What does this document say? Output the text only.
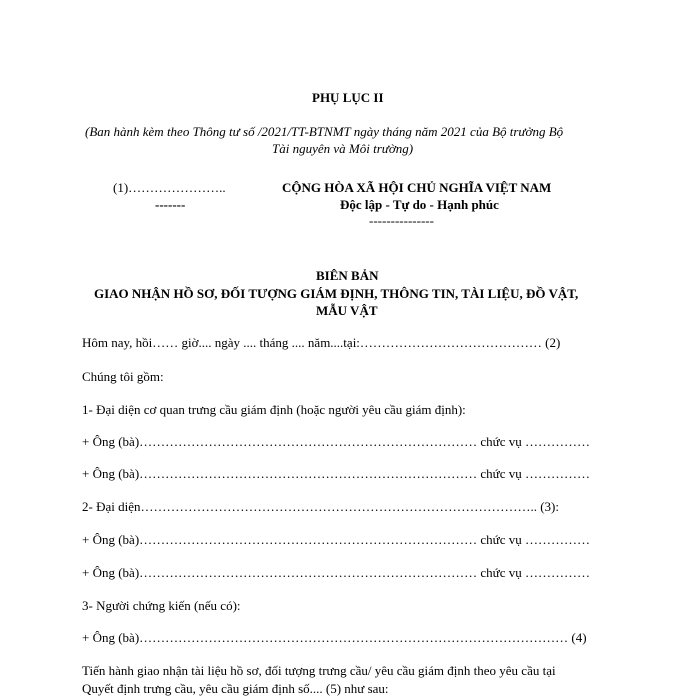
PHỤ LỤC II
(Ban hành kèm theo Thông tư số /2021/TT-BTNMT ngày tháng năm 2021 của Bộ trưởng Bộ
Tài nguyên và Môi trường)
(1)…………………..
-------
CỘNG HÒA XÃ HỘI CHỦ NGHĨA VIỆT NAM
Độc lập - Tự do - Hạnh phúc
---------------
BIÊN BẢN
GIAO NHẬN HỒ SƠ, ĐỐI TƯỢNG GIÁM ĐỊNH, THÔNG TIN, TÀI LIỆU, ĐỒ VẬT,
MẪU VẬT
Hôm nay, hồi…… giờ.... ngày .... tháng .... năm....tại:…………………………………… (2)
Chúng tôi gồm:
1- Đại diện cơ quan trưng cầu giám định (hoặc người yêu cầu giám định):
+ Ông (bà)…………………………………………………………………… chức vụ ……………
+ Ông (bà)…………………………………………………………………… chức vụ ……………
2- Đại diện……………………………………………………………………………….. (3):
+ Ông (bà)…………………………………………………………………… chức vụ ……………
+ Ông (bà)…………………………………………………………………… chức vụ ……………
3- Người chứng kiến (nếu có):
+ Ông (bà)……………………………………………………………………………………… (4)
Tiến hành giao nhận tài liệu hồ sơ, đối tượng trưng cầu/ yêu cầu giám định theo yêu cầu tại
Quyết định trưng cầu, yêu cầu giám định số.... (5) như sau:
